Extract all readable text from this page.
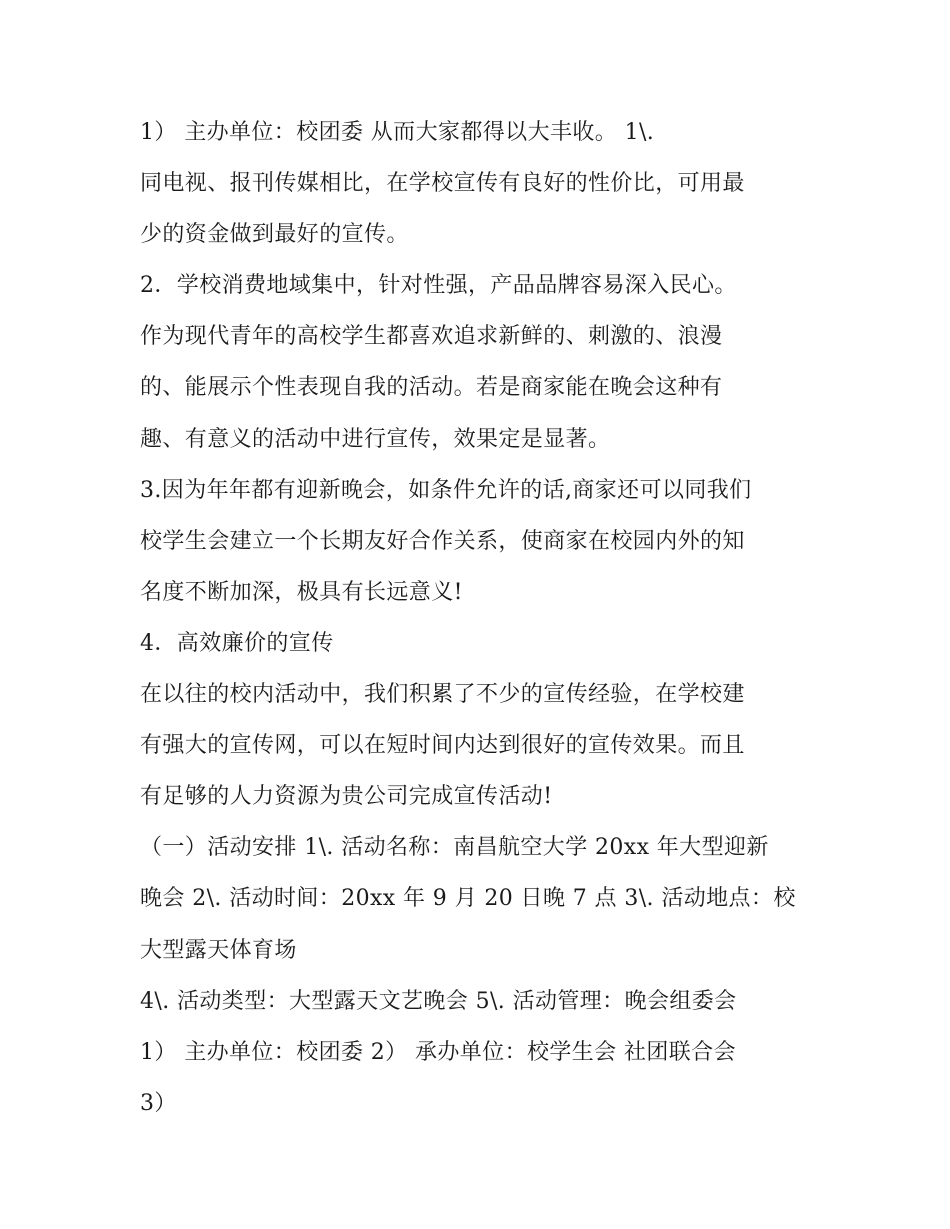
1） 主办单位：校团委 从而大家都得以大丰收。 1\.
同电视、报刊传媒相比，在学校宣传有良好的性价比，可用最
少的资金做到最好的宣传。
2．学校消费地域集中，针对性强，产品品牌容易深入民心。
作为现代青年的高校学生都喜欢追求新鲜的、刺激的、浪漫
的、能展示个性表现自我的活动。若是商家能在晚会这种有
趣、有意义的活动中进行宣传，效果定是显著。
3.因为年年都有迎新晚会，如条件允许的话,商家还可以同我们
校学生会建立一个长期友好合作关系，使商家在校园内外的知
名度不断加深，极具有长远意义!
4．高效廉价的宣传
在以往的校内活动中，我们积累了不少的宣传经验，在学校建
有强大的宣传网，可以在短时间内达到很好的宣传效果。而且
有足够的人力资源为贵公司完成宣传活动!
（一）活动安排 1\. 活动名称：南昌航空大学 20xx 年大型迎新
晚会 2\. 活动时间：20xx 年 9 月 20 日晚 7 点 3\. 活动地点：校
大型露天体育场
4\. 活动类型：大型露天文艺晚会 5\. 活动管理：晚会组委会
1） 主办单位：校团委 2） 承办单位：校学生会 社团联合会
3）
